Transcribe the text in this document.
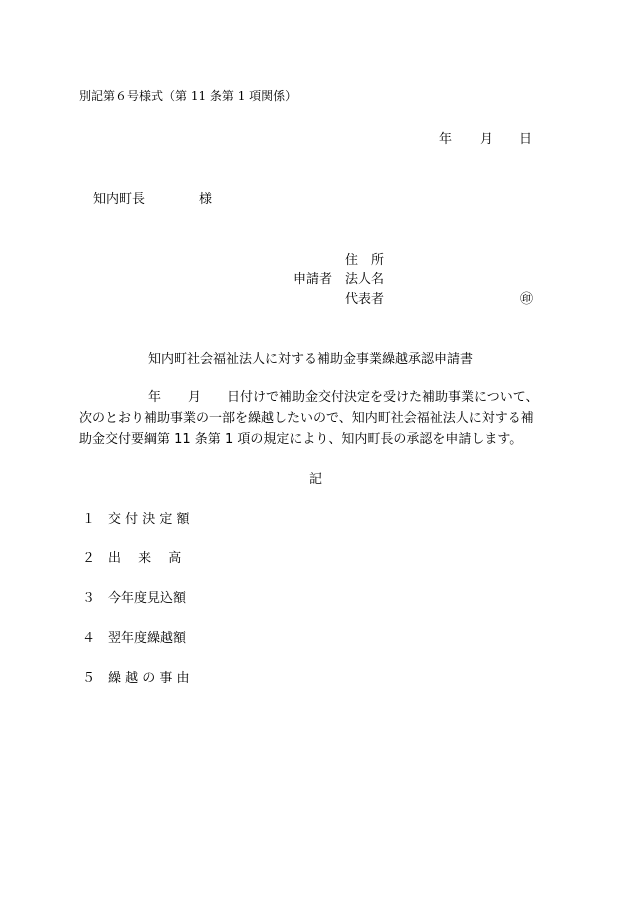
別記第６号様式（第 11 条第 1 項関係）
年 月 日
知内町長	様
住　所
申請者 法人名
代表者	㊞
知内町社会福祉法人に対する補助金事業繰越承認申請書
年 月 日付けで補助金交付決定を受けた補助事業について、
次のとおり補助事業の一部を繰越したいので、知内町社会福祉法人に対する補
助金交付要綱第 11 条第 1 項の規定により、知内町長の承認を申請します。
記
１ 交 付 決 定 額
２ 出　 来　 高
３ 今年度見込額
４ 翌年度繰越額
５ 繰 越 の 事 由
